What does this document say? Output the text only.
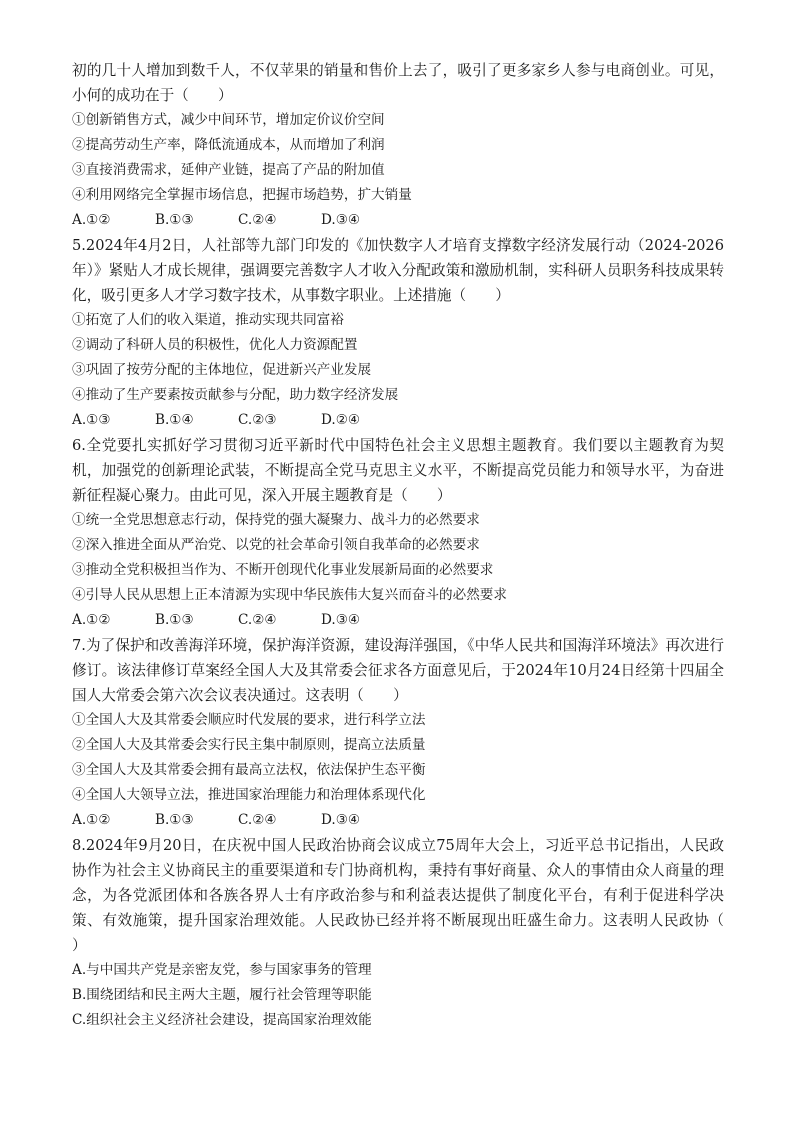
初的几十人增加到数千人，不仅苹果的销量和售价上去了，吸引了更多家乡人参与电商创业。可见，小何的成功在于（　　）
①创新销售方式，减少中间环节，增加定价议价空间
②提高劳动生产率，降低流通成本，从而增加了利润
③直接消费需求，延伸产业链，提高了产品的附加值
④利用网络完全掌握市场信息，把握市场趋势，扩大销量
A.①②	B.①③	C.②④	D.③④
5.2024年4月2日，人社部等九部门印发的《加快数字人才培育支撑数字经济发展行动（2024-2026年）》紧贴人才成长规律，强调要完善数字人才收入分配政策和激励机制，实科研人员职务科技成果转化，吸引更多人才学习数字技术，从事数字职业。上述措施（　　）
①拓宽了人们的收入渠道，推动实现共同富裕
②调动了科研人员的积极性，优化人力资源配置
③巩固了按劳分配的主体地位，促进新兴产业发展
④推动了生产要素按贡献参与分配，助力数字经济发展
A.①③	B.①④	C.②③	D.②④
6.全党要扎实抓好学习贯彻习近平新时代中国特色社会主义思想主题教育。我们要以主题教育为契机，加强党的创新理论武装，不断提高全党马克思主义水平，不断提高党员能力和领导水平，为奋进新征程凝心聚力。由此可见，深入开展主题教育是（　　）
①统一全党思想意志行动，保持党的强大凝聚力、战斗力的必然要求
②深入推进全面从严治党、以党的社会革命引领自我革命的必然要求
③推动全党积极担当作为、不断开创现代化事业发展新局面的必然要求
④引导人民从思想上正本清源为实现中华民族伟大复兴而奋斗的必然要求
A.①②	B.①③	C.②④	D.③④
7.为了保护和改善海洋环境，保护海洋资源，建设海洋强国，《中华人民共和国海洋环境法》再次进行修订。该法律修订草案经全国人大及其常委会征求各方面意见后，于2024年10月24日经第十四届全国人大常委会第六次会议表决通过。这表明（　　）
①全国人大及其常委会顺应时代发展的要求，进行科学立法
②全国人大及其常委会实行民主集中制原则，提高立法质量
③全国人大及其常委会拥有最高立法权，依法保护生态平衡
④全国人大领导立法，推进国家治理能力和治理体系现代化
A.①②	B.①③	C.②④	D.③④
8.2024年9月20日，在庆祝中国人民政治协商会议成立75周年大会上，习近平总书记指出，人民政协作为社会主义协商民主的重要渠道和专门协商机构，秉持有事好商量、众人的事情由众人商量的理念，为各党派团体和各族各界人士有序政治参与和利益表达提供了制度化平台，有利于促进科学决策、有效施策，提升国家治理效能。人民政协已经并将不断展现出旺盛生命力。这表明人民政协（　　）
A.与中国共产党是亲密友党，参与国家事务的管理
B.围绕团结和民主两大主题，履行社会管理等职能
C.组织社会主义经济社会建设，提高国家治理效能
